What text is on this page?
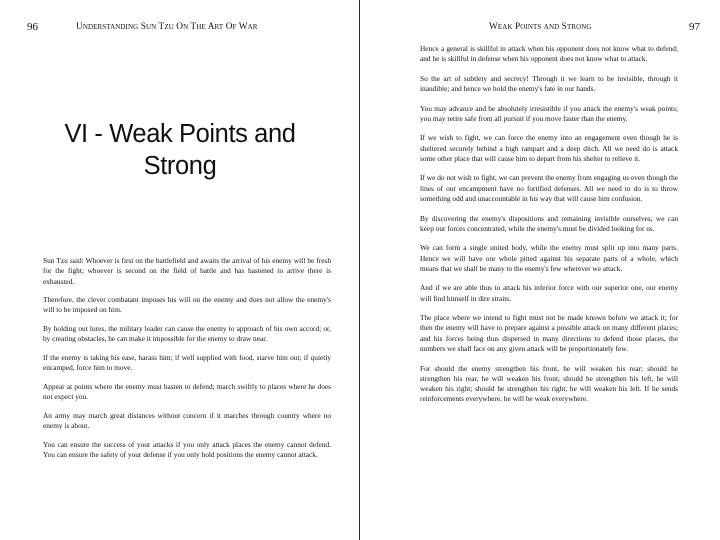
96	Understanding Sun Tzu On The Art Of War
VI - Weak Points and Strong

Sun Tzu said: Whoever is first on the battlefield and awaits the arrival of his enemy will be fresh for the fight; whoever is second on the field of battle and has hastened to arrive there is exhausted.

Therefore, the clever combatant imposes his will on the enemy and does not allow the enemy's will to be imposed on him.

By holding out lures, the military leader can cause the enemy to approach of his own accord; or, by creating obstacles, he can make it impossible for the enemy to draw near.

If the enemy is taking his ease, harass him; if well supplied with food, starve him out; if quietly encamped, force him to move.

Appear at points where the enemy must hasten to defend; march swiftly to places where he does not expect you.

An army may march great distances without concern if it marches through country where no enemy is about.

You can ensure the success of your attacks if you only attack places the enemy cannot defend. You can ensure the safety of your defense if you only hold positions the enemy cannot attack.

Weak Points and Strong	97

Hence a general is skillful in attack when his opponent does not know what to defend; and he is skillful in defense when his opponent does not know what to attack.

So the art of subtlety and secrecy! Through it we learn to be invisible, through it inaudible; and hence we hold the enemy's fate in our hands.

You may advance and be absolutely irresistible if you attack the enemy's weak points; you may retire safe from all pursuit if you move faster than the enemy.

If we wish to fight, we can force the enemy into an engagement even though he is sheltered securely behind a high rampart and a deep ditch. All we need do is attack some other place that will cause him to depart from his shelter to relieve it.

If we do not wish to fight, we can prevent the enemy from engaging us even though the lines of our encampment have no fortified defenses. All we need to do is to throw something odd and unaccountable in his way that will cause him confusion.

By discovering the enemy's dispositions and remaining invisible ourselves, we can keep our forces concentrated, while the enemy's must be divided looking for us.

We can form a single united body, while the enemy must split up into many parts. Hence we will have our whole pitted against his separate parts of a whole, which means that we shall be many to the enemy's few wherever we attack.

And if we are able thus to attack his inferior force with our superior one, our enemy will find himself in dire straits.

The place where we intend to fight must not be made known before we attack it; for then the enemy will have to prepare against a possible attack on many different places; and his forces being thus dispersed in many directions to defend those places, the numbers we shall face on any given attack will be proportionately few.

For should the enemy strengthen his front, he will weaken his rear; should he strengthen his rear, he will weaken his front; should he strengthen his left, he will weaken his right; should he strengthen his right, he will weaken his left. If he sends reinforcements everywhere, he will be weak everywhere.
